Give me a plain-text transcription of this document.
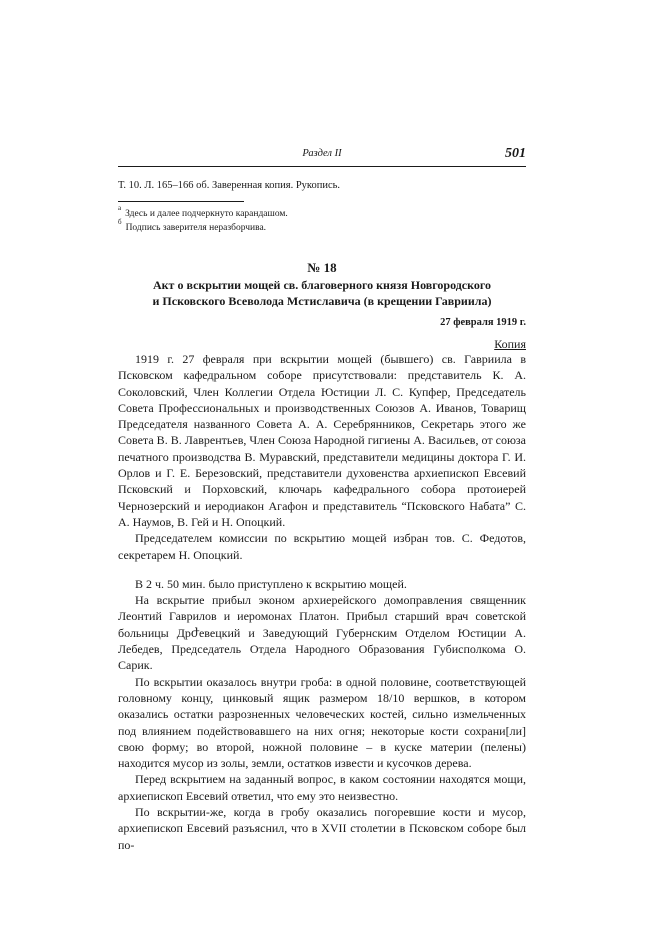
Раздел II	501
Т. 10. Л. 165–166 об. Заверенная копия. Рукопись.
$^а$Здесь и далее подчеркнуто карандашом.
$^б$Подпись заверителя неразборчива.
№ 18
Акт о вскрытии мощей св. благоверного князя Новгородского
и Псковского Всеволода Мстиславича (в крещении Гавриила)
27 февраля 1919 г.
Копия

1919 г. 27 февраля при вскрытии мощей (бывшего) св. Гавриила в Псковском кафедральном соборе присутствовали: представитель К. А. Соколовский, Член Коллегии Отдела Юстиции Л. С. Купфер, Председатель Совета Профессиональных и производственных Союзов А. Иванов, Товарищ Председателя названного Совета А. А. Серебрянников, Секретарь этого же Совета В. В. Лаврентьев, Член Союза Народной гигиены А. Васильев, от союза печатного производства В. Муравский, представители медицины доктора Г. И. Орлов и Г. Е. Березовский, представители духовенства архиепископ Евсевий Псковский и Порховский, ключарь кафедрального собора протоиерей Чернозерский и иеродиакон Агафон и представитель “Псковского Набата” С. А. Наумов, В. Гей и Н. Опоцкий.

Председателем комиссии по вскрытию мощей избран тов. С. Федотов, секретарем Н. Опоцкий.

В 2 ч. 50 мин. было приступлено к вскрытию мощей.

На вскрытие прибыл эконом архиерейского домоправления священник Леонтий Гаврилов и иеромонах Платон. Прибыл старший врач советской больницы Дрժевецкий и Заведующий Губернским Отделом Юстиции А. Лебедев, Председатель Отдела Народного Образования Губисполкома О. Сарик.

По вскрытии оказалось внутри гроба: в одной половине, соответствующей головному концу, цинковый ящик размером 18/10 вершков, в котором оказались остатки разрозненных человеческих костей, сильно измельченных под влиянием подействовавшего на них огня; некоторые кости сохрани[ли] свою форму; во второй, ножной половине – в куске материи (пелены) находится мусор из золы, земли, остатков извести и кусочков дерева.

Перед вскрытием на заданный вопрос, в каком состоянии находятся мощи, архиепископ Евсевий ответил, что ему это неизвестно.

По вскрытии-же, когда в гробу оказались погоревшие кости и мусор, архиепископ Евсевий разъяснил, что в XVII столетии в Псковском соборе был по-
